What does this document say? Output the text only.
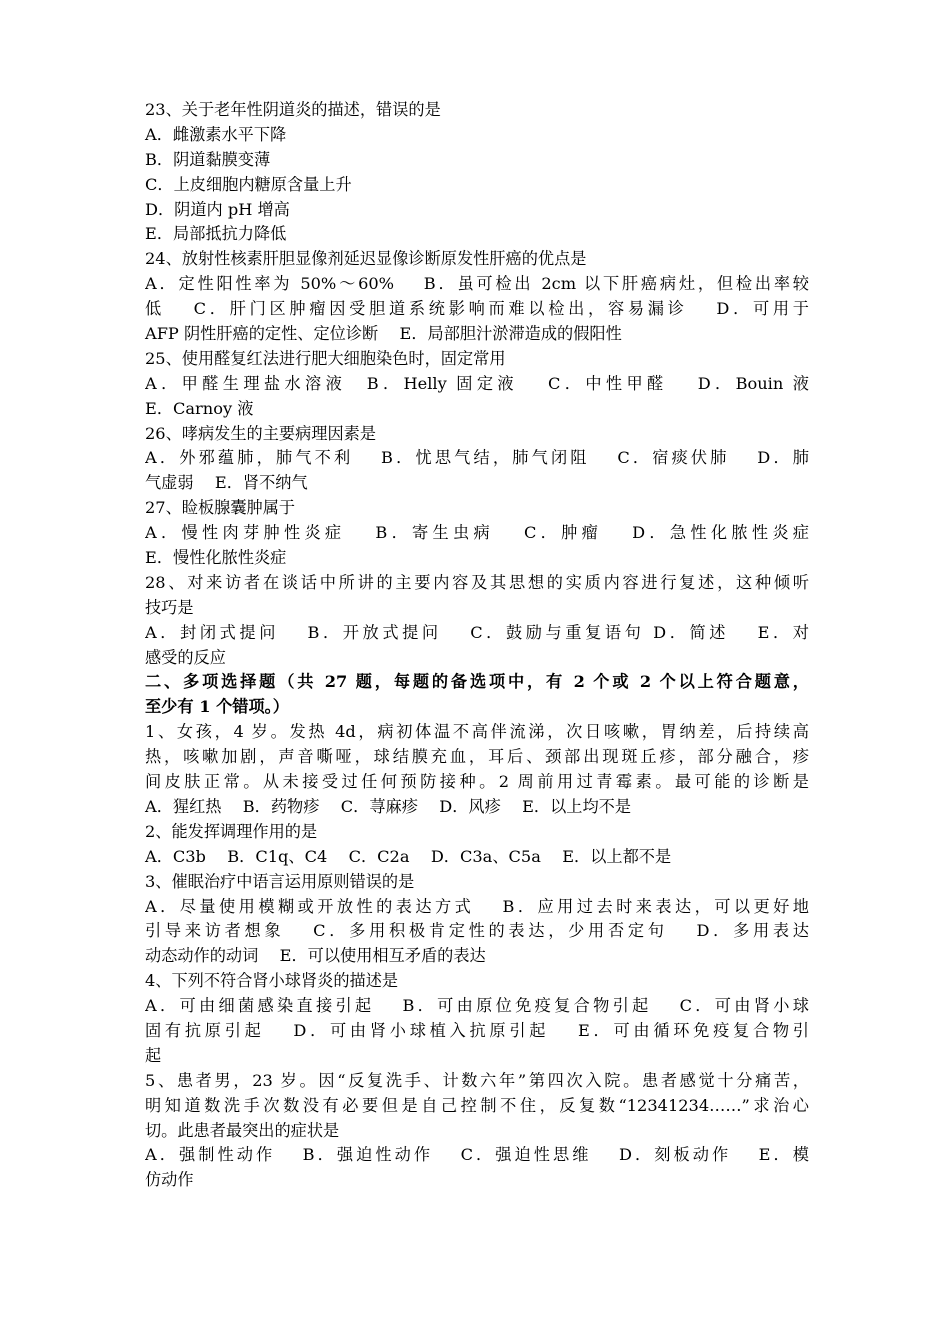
23、关于老年性阴道炎的描述，错误的是
A．雌激素水平下降
B．阴道黏膜变薄
C．上皮细胞内糖原含量上升
D．阴道内 pH 增高
E．局部抵抗力降低
24、放射性核素肝胆显像剂延迟显像诊断原发性肝癌的优点是
A．定性阳性率为 50%～60%　 B．虽可检出 2cm 以下肝癌病灶，但检出率较
低　 C．肝门区肿瘤因受胆道系统影响而难以检出，容易漏诊　 D．可用于
AFP 阴性肝癌的定性、定位诊断　 E．局部胆汁淤滞造成的假阳性
25、使用醛复红法进行肥大细胞染色时，固定常用
A．甲醛生理盐水溶液　B．Helly 固定液　 C．中性甲醛　 D．Bouin 液
E．Carnoy 液
26、哮病发生的主要病理因素是
A．外邪蕴肺，肺气不利　 B．忧思气结，肺气闭阻　 C．宿痰伏肺　 D．肺
气虚弱　 E．肾不纳气
27、睑板腺囊肿属于
A．慢性肉芽肿性炎症　 B．寄生虫病　 C．肿瘤　 D．急性化脓性炎症
E．慢性化脓性炎症
28、对来访者在谈话中所讲的主要内容及其思想的实质内容进行复述，这种倾听
技巧是
A．封闭式提问　 B．开放式提问　 C．鼓励与重复语句 D．简述　 E．对
感受的反应
二、多项选择题（共 27 题，每题的备选项中，有 2 个或 2 个以上符合题意，
至少有 1 个错项。）
1、女孩，4 岁。发热 4d，病初体温不高伴流涕，次日咳嗽，胃纳差，后持续高
热，咳嗽加剧，声音嘶哑，球结膜充血，耳后、颈部出现斑丘疹，部分融合，疹
间皮肤正常。从未接受过任何预防接种。2 周前用过青霉素。最可能的诊断是
A．猩红热　 B．药物疹　 C．荨麻疹　 D．风疹　 E．以上均不是
2、能发挥调理作用的是
A．C3b　 B．C1q、C4　 C．C2a　 D．C3a、C5a　 E．以上都不是
3、催眠治疗中语言运用原则错误的是
A．尽量使用模糊或开放性的表达方式　 B．应用过去时来表达，可以更好地
引导来访者想象　 C．多用积极肯定性的表达，少用否定句　 D．多用表达
动态动作的动词　 E．可以使用相互矛盾的表达
4、下列不符合肾小球肾炎的描述是
A．可由细菌感染直接引起　 B．可由原位免疫复合物引起　 C．可由肾小球
固有抗原引起　 D．可由肾小球植入抗原引起　 E．可由循环免疫复合物引
起
5、患者男，23 岁。因“反复洗手、计数六年”第四次入院。患者感觉十分痛苦，
明知道数洗手次数没有必要但是自己控制不住，反复数“12341234……”求治心
切。此患者最突出的症状是
A．强制性动作　 B．强迫性动作　 C．强迫性思维　 D．刻板动作　 E．模
仿动作
